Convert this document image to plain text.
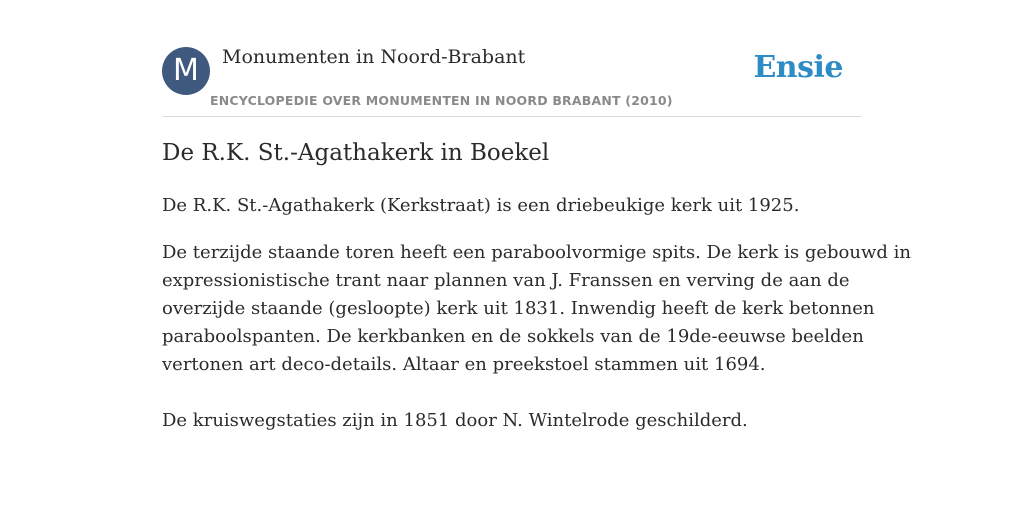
M	Monumenten in Noord-Brabant
ENCYCLOPEDIE OVER MONUMENTEN IN NOORD BRABANT (2010)
Ensie
De R.K. St.-Agathakerk in Boekel

De R.K. St.-Agathakerk (Kerkstraat) is een driebeukige kerk uit 1925.

De terzijde staande toren heeft een paraboolvormige spits. De kerk is gebouwd in
expressionistische trant naar plannen van J. Franssen en verving de aan de
overzijde staande (gesloopte) kerk uit 1831. Inwendig heeft de kerk betonnen
paraboolspanten. De kerkbanken en de sokkels van de 19de-eeuwse beelden
vertonen art deco-details. Altaar en preekstoel stammen uit 1694.
De kruiswegstaties zijn in 1851 door N. Wintelrode geschilderd.
